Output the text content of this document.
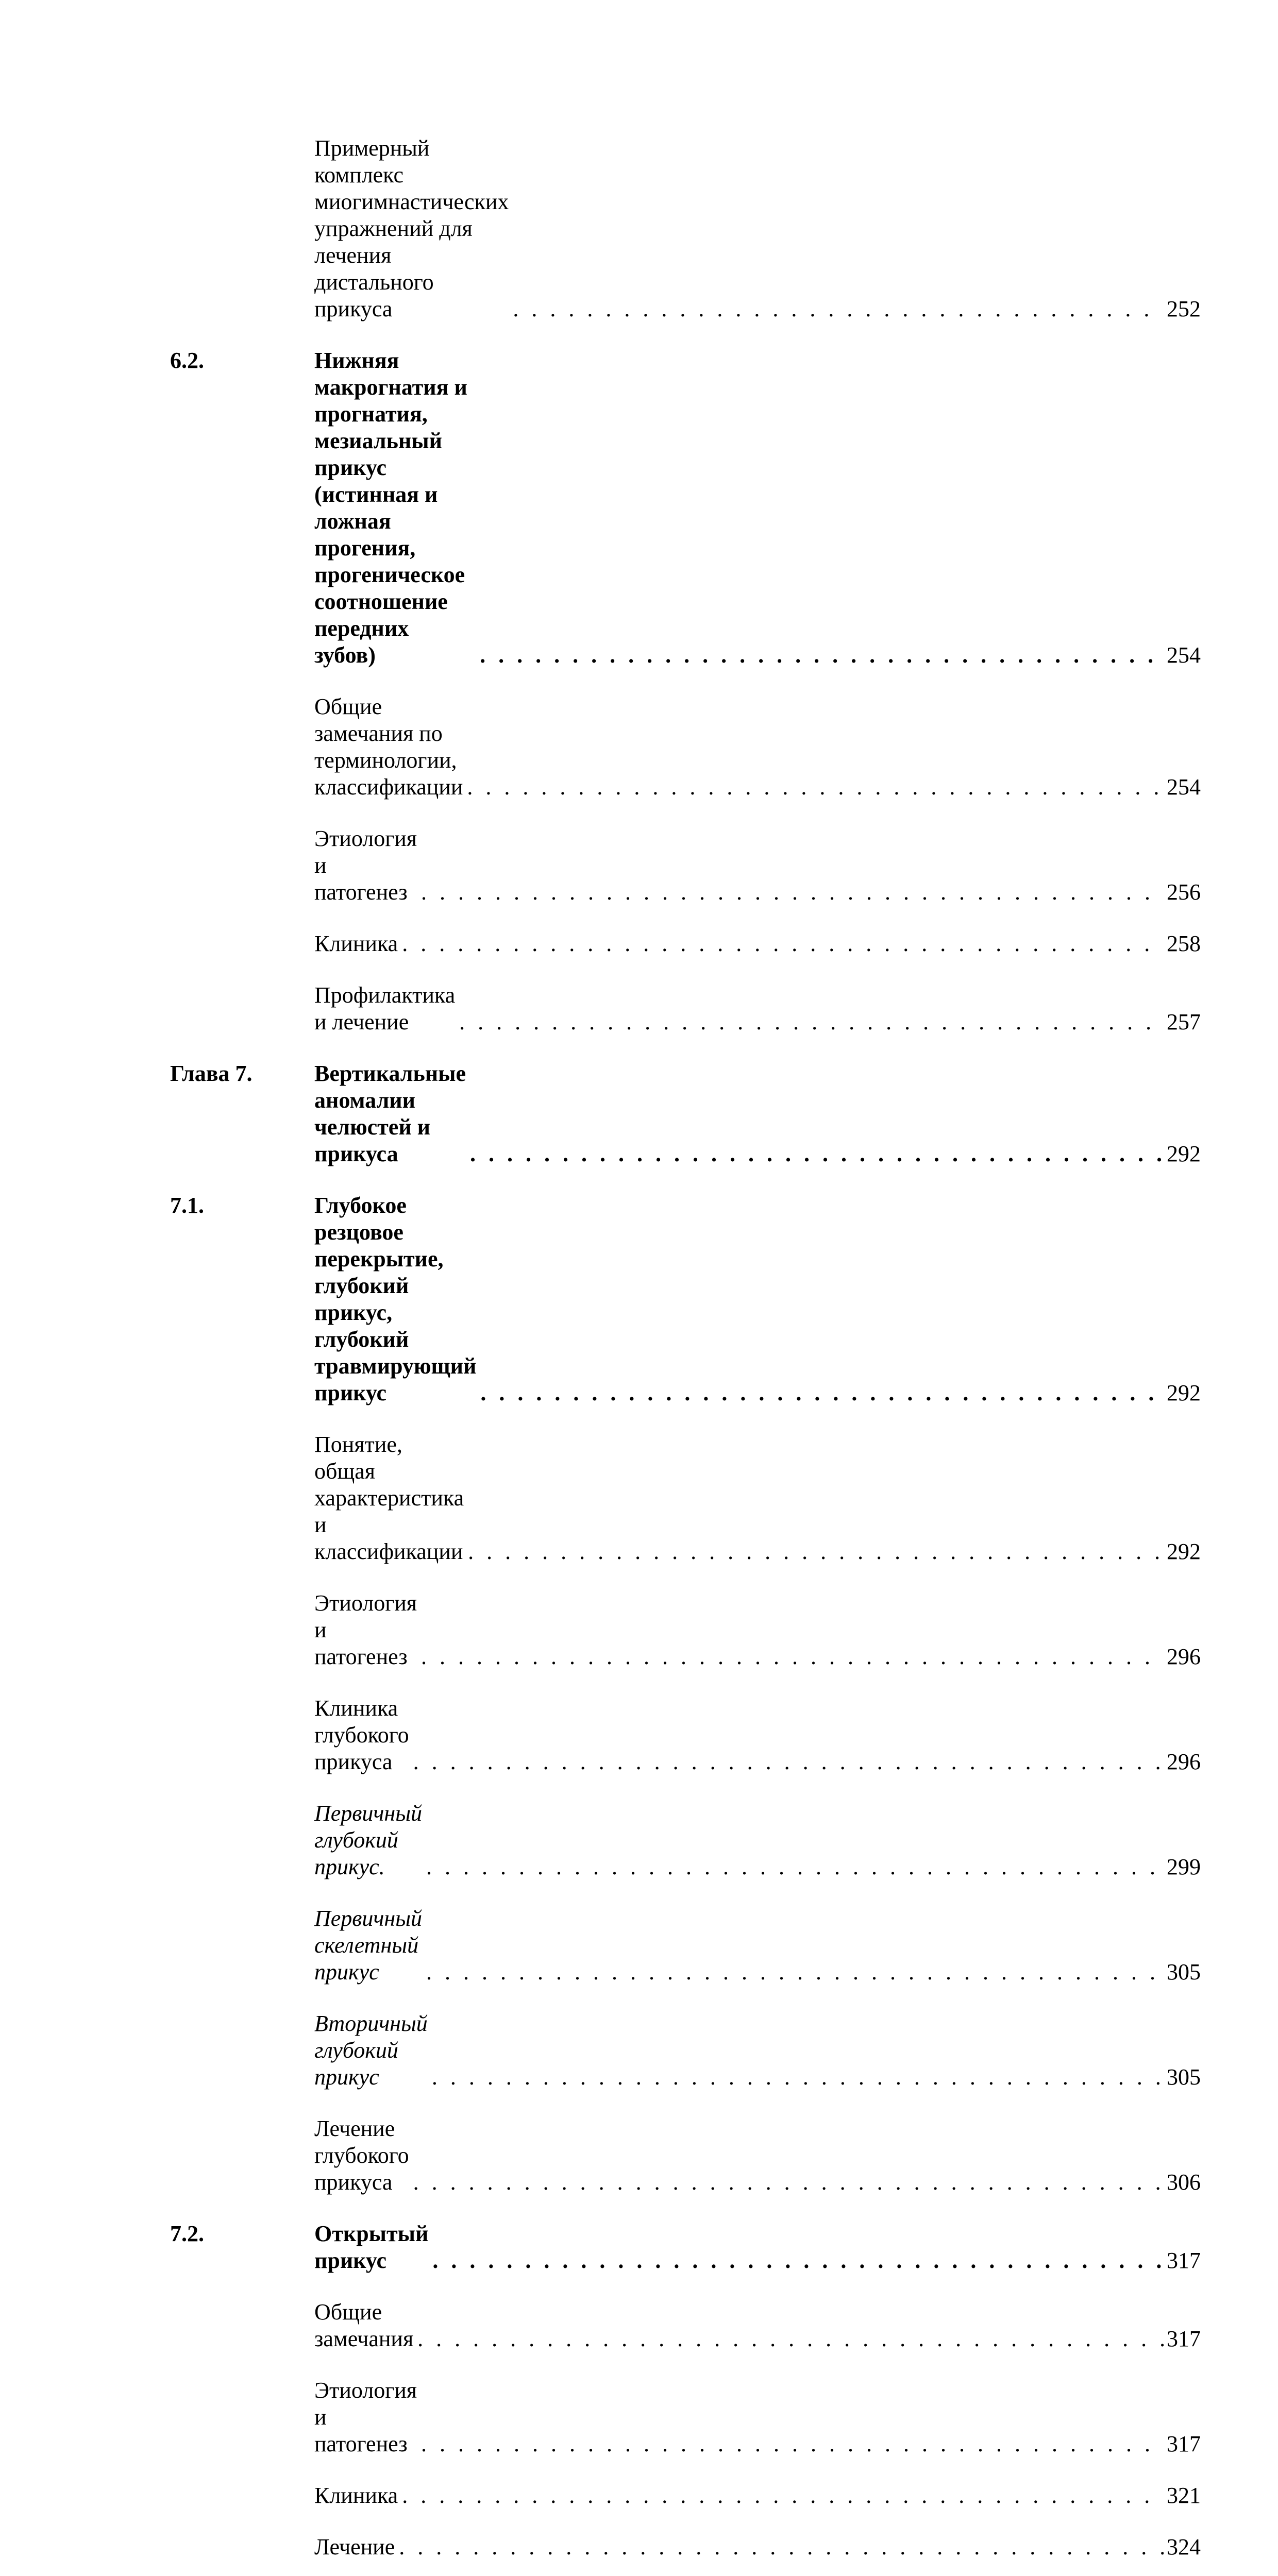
Примерный комплекс миогимнастических упражнений для лечения
дистального прикуса . . .	252
6.2.	Нижняя макрогнатия и прогнатия, мезиальный прикус (истинная и
ложная прогения, прогеническое соотношение передних зубов) . . .	254
Общие замечания по терминологии, классификации . . .	254
Этиология и патогенез . . .	256
Клиника . . .	258
Профилактика и лечение . . .	257
Глава 7.	Вертикальные аномалии челюстей и прикуса . . .	292
7.1.	Глубокое резцовое перекрытие, глубокий прикус, глубокий
травмирующий прикус . . .	292
Понятие, общая характеристика и классификации . . .	292
Этиология и патогенез . . .	296
Клиника глубокого прикуса . . .	296
Первичный глубокий прикус. . . .	299
Первичный скелетный прикус . . .	305
Вторичный глубокий прикус . . .	305
Лечение глубокого прикуса . . .	306
7.2.	Открытый прикус . . .	317
Общие замечания . . .	317
Этиология и патогенез . . .	317
Клиника . . .	321
Лечение . . .	324
